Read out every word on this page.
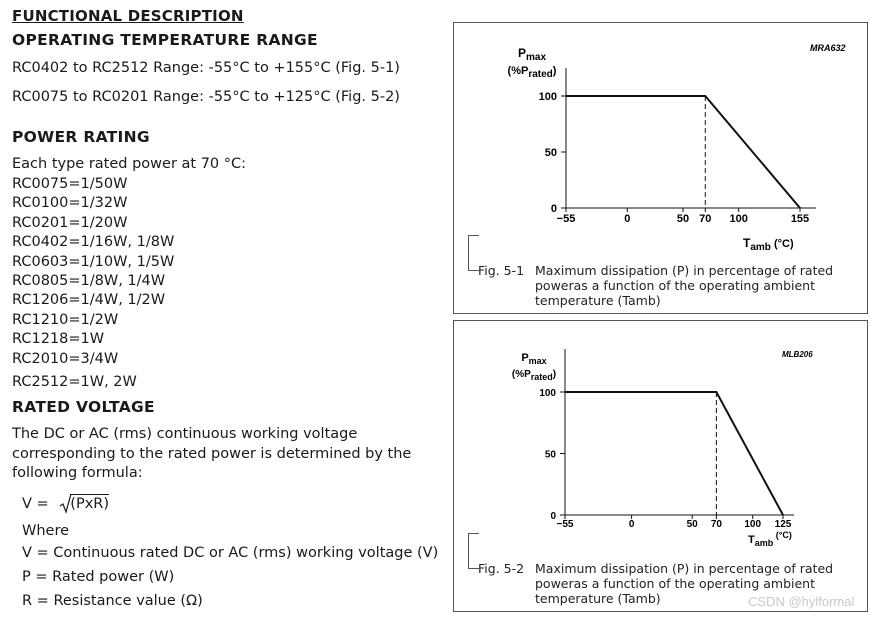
FUNCTIONAL DESCRIPTION
OPERATING TEMPERATURE RANGE
RC0402 to RC2512 Range: -55°C to +155°C (Fig. 5-1)
RC0075 to RC0201 Range: -55°C to +125°C (Fig. 5-2)
POWER RATING
Each type rated power at 70 °C:
RC0075=1/50W
RC0100=1/32W
RC0201=1/20W
RC0402=1/16W, 1/8W
RC0603=1/10W, 1/5W
RC0805=1/8W, 1/4W
RC1206=1/4W, 1/2W
RC1210=1/2W
RC1218=1W
RC2010=3/4W
RC2512=1W, 2W
RATED VOLTAGE
The DC or AC (rms) continuous working voltage
corresponding to the rated power is determined by the
following formula:
V = (PxR)
Where
V = Continuous rated DC or AC (rms) working voltage (V)
P = Rated power (W)
R = Resistance value (Ω)
MRA632
$P_{max}$
(%Prated)
0
50
100
−55	0	50 70 100	155
$T_{amb}$ (°C)
Fig. 5-1 Maximum dissipation (P) in percentage of rated
poweras a function of the operating ambient
temperature (Tamb)
MLB206
$P_{max}$
(%Prated)
0
50
100
−55	0	50 70 100 125
$T_{amb}$ $^{(^\circ C)}$
Fig. 5-2 Maximum dissipation (P) in percentage of rated
poweras a function of the operating ambient
temperature (Tamb)	CSDN @hylformal
